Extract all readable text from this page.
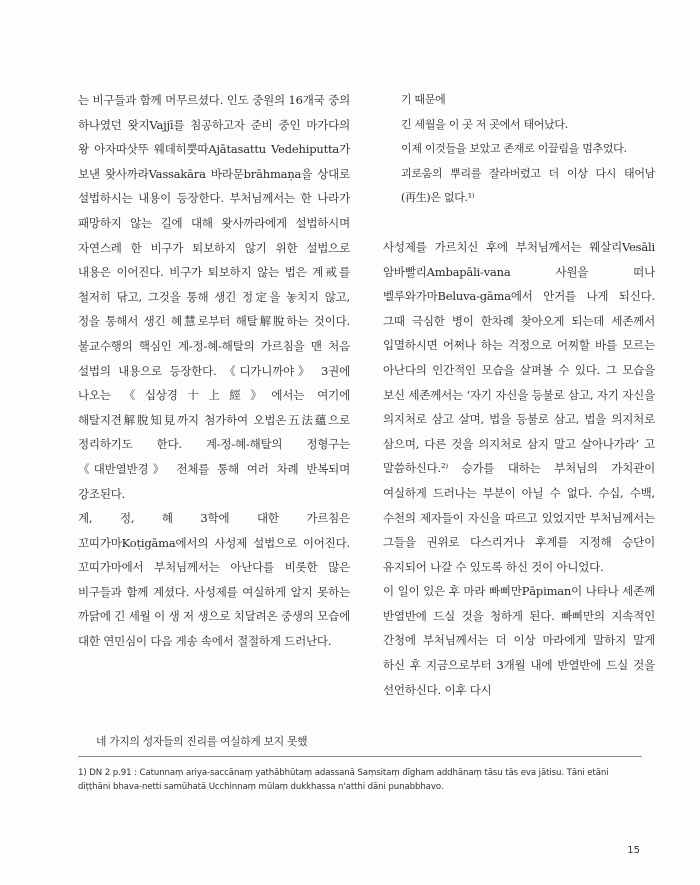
는 비구들과 함께 머무르셨다. 인도 중원의 16개국 중의 하나였던 왓지Vajjī를 침공하고자 준비 중인 마가다의 왕 아자따삿뚜 웨데히뿟따Ajātasattu Vedehiputta가 보낸 왓사까라Vassakāra 바라문brāhmaṇa을 상대로 설법하시는 내용이 등장한다. 부처님께서는 한 나라가 패망하지 않는 길에 대해 왓사까라에게 설법하시며 자연스레 한 비구가 퇴보하지 않기 위한 설법으로 내용은 이어진다. 비구가 퇴보하지 않는 법은 계戒를 철저히 닦고, 그것을 통해 생긴 정定을 놓치지 않고, 정을 통해서 생긴 혜慧로부터 해탈解脫하는 것이다. 불교수행의 핵심인 계-정-혜-해탈의 가르침을 맨 처음 설법의 내용으로 등장한다. 《디가니까야》 3권에 나오는 《십상경十上經》에서는 여기에 해탈지견解脫知見까지 첨가하여 오법온五法蘊으로 정리하기도 한다. 계-정-혜-해탈의 정형구는 《대반열반경》 전체를 통해 여러 차례 반복되며 강조된다.

계, 정, 혜 3학에 대한 가르침은 꼬띠가마Koṭigāma에서의 사성제 설법으로 이어진다. 꼬띠가마에서 부처님께서는 아난다를 비롯한 많은 비구들과 함께 계셨다. 사성제를 여실하게 알지 못하는 까닭에 긴 세월 이 생 저 생으로 치달려온 중생의 모습에 대한 연민심이 다음 게송 속에서 절절하게 드러난다.

네 가지의 성자들의 진리를 여실하게 보지 못했

기 때문에

긴 세월을 이 곳 저 곳에서 태어났다.

이제 이것들을 보았고 존재로 이끌림을 멈추었다.

괴로움의 뿌리를 잘라버렸고 더 이상 다시 태어남(再生)은 없다.¹⁾

사성제를 가르치신 후에 부처님께서는 웨살리Vesāli 암바빨리Ambapāli-vana 사원을 떠나 벨루와가마Beluva-gāma에서 안거를 나게 되신다. 그때 극심한 병이 한차례 찾아오게 되는데 세존께서 입멸하시면 어쩌나 하는 걱정으로 어찌할 바를 모르는 아난다의 인간적인 모습을 살펴볼 수 있다. 그 모습을 보신 세존께서는 ‘자기 자신을 등불로 삼고, 자기 자신을 의지처로 삼고 살며, 법을 등불로 삼고, 법을 의지처로 삼으며, 다른 것을 의지처로 삼지 말고 살아나가라’ 고 말씀하신다.²⁾ 승가를 대하는 부처님의 가치관이 여실하게 드러나는 부분이 아닐 수 없다. 수십, 수백, 수천의 제자들이 자신을 따르고 있었지만 부처님께서는 그들을 권위로 다스리거나 후계를 지정해 승단이 유지되어 나갈 수 있도록 하신 것이 아니었다.

이 일이 있은 후 마라 빠삐만Pāpiman이 나타나 세존께 반열반에 드실 것을 청하게 된다. 빠삐만의 지속적인 간청에 부처님께서는 더 이상 마라에게 말하지 말게 하신 후 지금으로부터 3개월 내에 반열반에 드실 것을 선언하신다. 이후 다시

1) DN 2 p.91 : Catunnaṃ ariya-saccānaṃ yathābhūtaṃ adassanā Saṃsitaṃ dīgham addhānaṃ tāsu tās eva jātisu. Tāni etāni diṭṭhāni bhava-netti samūhatā Ucchinnaṃ mūlaṃ dukkhassa n'atthi dāni punabbhavo.
15
